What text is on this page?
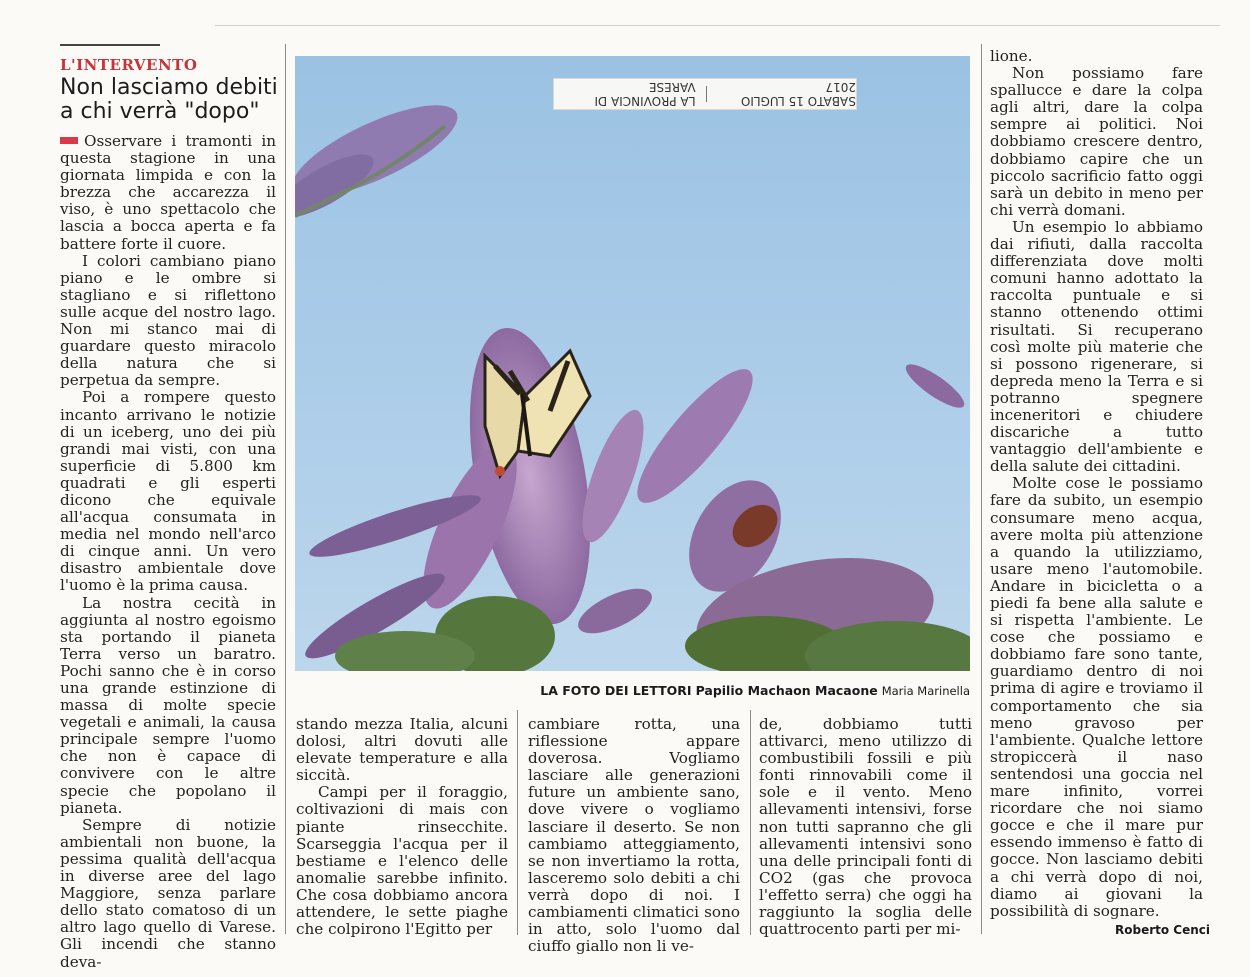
L'INTERVENTO
Non lasciamo debiti a chi verrà "dopo"

Osservare i tramonti in questa stagione in una giornata limpida e con la brezza che accarezza il viso, è uno spettacolo che lascia a bocca aperta e fa battere forte il cuore.

I colori cambiano piano piano e le ombre si stagliano e si riflettono sulle acque del nostro lago. Non mi stanco mai di guardare questo miracolo della natura che si perpetua da sempre.

Poi a rompere questo incanto arrivano le notizie di un iceberg, uno dei più grandi mai visti, con una superficie di 5.800 km quadrati e gli esperti dicono che equivale all'acqua consumata in media nel mondo nell'arco di cinque anni. Un vero disastro ambientale dove l'uomo è la prima causa.

La nostra cecità in aggiunta al nostro egoismo sta portando il pianeta Terra verso un baratro. Pochi sanno che è in corso una grande estinzione di massa di molte specie vegetali e animali, la causa principale sempre l'uomo che non è capace di convivere con le altre specie che popolano il pianeta.

Sempre di notizie ambientali non buone, la pessima qualità dell'acqua in diverse aree del lago Maggiore, senza parlare dello stato comatoso di un altro lago quello di Varese. Gli incendi che stanno deva-

SABATO 15 LUGLIO 2017
LA PROVINCIA DI VARESE
LA FOTO DEI LETTORI Papilio Machaon Macaone Maria Marinella

stando mezza Italia, alcuni dolosi, altri dovuti alle elevate temperature e alla siccità.

Campi per il foraggio, coltivazioni di mais con piante rinsecchite. Scarseggia l'acqua per il bestiame e l'elenco delle anomalie sarebbe infinito. Che cosa dobbiamo ancora attendere, le sette piaghe che colpirono l'Egitto per

cambiare rotta, una riflessione appare doverosa. Vogliamo lasciare alle generazioni future un ambiente sano, dove vivere o vogliamo lasciare il deserto. Se non cambiamo atteggiamento, se non invertiamo la rotta, lasceremo solo debiti a chi verrà dopo di noi. I cambiamenti climatici sono in atto, solo l'uomo dal ciuffo giallo non li ve-

de, dobbiamo tutti attivarci, meno utilizzo di combustibili fossili e più fonti rinnovabili come il sole e il vento. Meno allevamenti intensivi, forse non tutti sapranno che gli allevamenti intensivi sono una delle principali fonti di CO2 (gas che provoca l'effetto serra) che oggi ha raggiunto la soglia delle quattrocento parti per mi-

lione.

Non possiamo fare spallucce e dare la colpa agli altri, dare la colpa sempre ai politici. Noi dobbiamo crescere dentro, dobbiamo capire che un piccolo sacrificio fatto oggi sarà un debito in meno per chi verrà domani.

Un esempio lo abbiamo dai rifiuti, dalla raccolta differenziata dove molti comuni hanno adottato la raccolta puntuale e si stanno ottenendo ottimi risultati. Si recuperano così molte più materie che si possono rigenerare, si depreda meno la Terra e si potranno spegnere inceneritori e chiudere discariche a tutto vantaggio dell'ambiente e della salute dei cittadini.

Molte cose le possiamo fare da subito, un esempio consumare meno acqua, avere molta più attenzione a quando la utilizziamo, usare meno l'automobile. Andare in bicicletta o a piedi fa bene alla salute e si rispetta l'ambiente. Le cose che possiamo e dobbiamo fare sono tante, guardiamo dentro di noi prima di agire e troviamo il comportamento che sia meno gravoso per l'ambiente. Qualche lettore stropiccerà il naso sentendosi una goccia nel mare infinito, vorrei ricordare che noi siamo gocce e che il mare pur essendo immenso è fatto di gocce. Non lasciamo debiti a chi verrà dopo di noi, diamo ai giovani la possibilità di sognare.

Roberto Cenci
